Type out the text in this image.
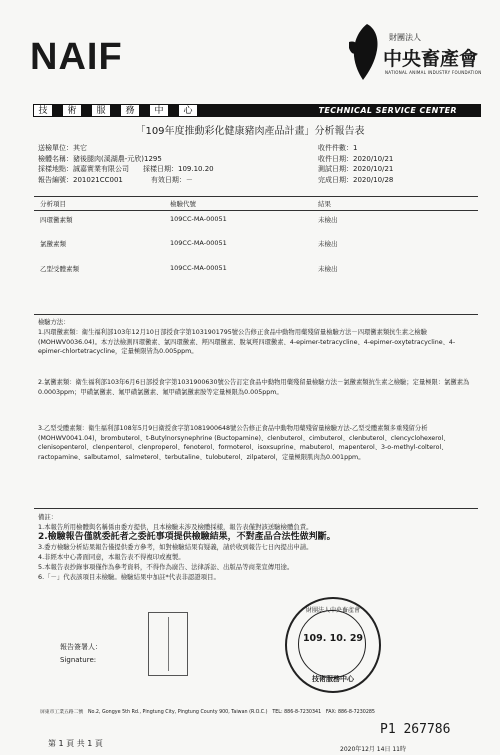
NAIF	財團法人
中央畜產會
NATIONAL ANIMAL INDUSTRY FOUNDATION
技	術	服	務	中	心	TECHNICAL SERVICE CENTER
「109年度推動彩化健康豬肉產品計畫」分析報告表
送檢單位：其它
檢體名稱：豬後腿肉(溪湖農-元欣)1295
採樣地點：誠嘉實業有限公司　　採樣日期：109.10.20
報告編號：201021CC001　　　　有效日期：－
收件件數：1
收件日期：2020/10/21
測試日期：2020/10/21
完成日期：2020/10/28
分析項目	檢驗代號	結果
四環黴素類	109CC-MA-00051	未檢出
氯黴素類	109CC-MA-00051	未檢出
乙型受體素類	109CC-MA-00051	未檢出
檢驗方法：
1.四環黴素類：衛生福利部103年12月10日部授食字第1031901795號公告修正食品中動物用藥殘留量檢驗方法－四環黴素類抗生素之檢驗(MOHWV0036.04)。本方法檢測四環黴素、氯四環黴素、羥四環黴素、脫氧羥四環黴素、4-epimer-tetracycline、4-epimer-oxytetracycline、4-epimer-chlortetracycline，定量極限皆為0.005ppm。
2.氯黴素類：衛生福利部103年6月6日部授食字第1031900630號公告訂定食品中動物用藥殘留量檢驗方法－氯黴素類抗生素之檢驗；定量極限：氯黴素為0.0003ppm；甲磺氯黴素、氟甲磺氯黴素、氟甲磺氯黴素胺等定量極限為0.005ppm。
3.乙型受體素類：衛生福利部108年5月9日衛授食字第1081900648號公告修正食品中動物用藥殘留量檢驗方法-乙型受體素類多重殘留分析(MOHWV0041.04)，brombuterol、t-Butylnorsynephrine (Buctopamine)、clenbuterol、cimbuterol、clenbuterol、clencyclohexerol、clenisopenterol、clenpenterol、clenproperol、fenoterol、formoterol、isoxsuprine、mabuterol、mapenterol、3-o-methyl-colterol、ractopamine、salbutamol、salmeterol、terbutaline、tulobuterol、zilpaterol，定量極限肌肉為0.001ppm。
備註：
1.本報告所用檢體與名稱係由委方提供，且本檢驗未涉及檢體採樣，報告表僅對該送驗檢體負責。
2.檢驗報告僅就委託者之委託事項提供檢驗結果，不對產品合法性做判斷。
3.委方檢驗分析結果報告僅提供委方參考，如對檢驗結果有疑義，請於收到報告七日內提出申請。
4.非經本中心書面同意，本報告表不得複印或複製。
5.本報告表抄錄事項僅作為參考資料，不得作為廣告、法律訴訟、出版品等商業宣傳用途。
6.「－」代表該項目未檢驗。檢驗結果中加註*代表非認證項目。
報告簽署人：
Signature:
財團法人中央畜產會
109. 10. 29
技術服務中心
屏東市工業五路二號　No.2, Gongye 5th Rd., Pingtung City, Pingtung County 900, Taiwan (R.O.C.)　TEL: 886-8-7230341　FAX: 886-8-7230285
P1 267786
第 1 頁 共 1 頁
2020年12月 14日 11時
